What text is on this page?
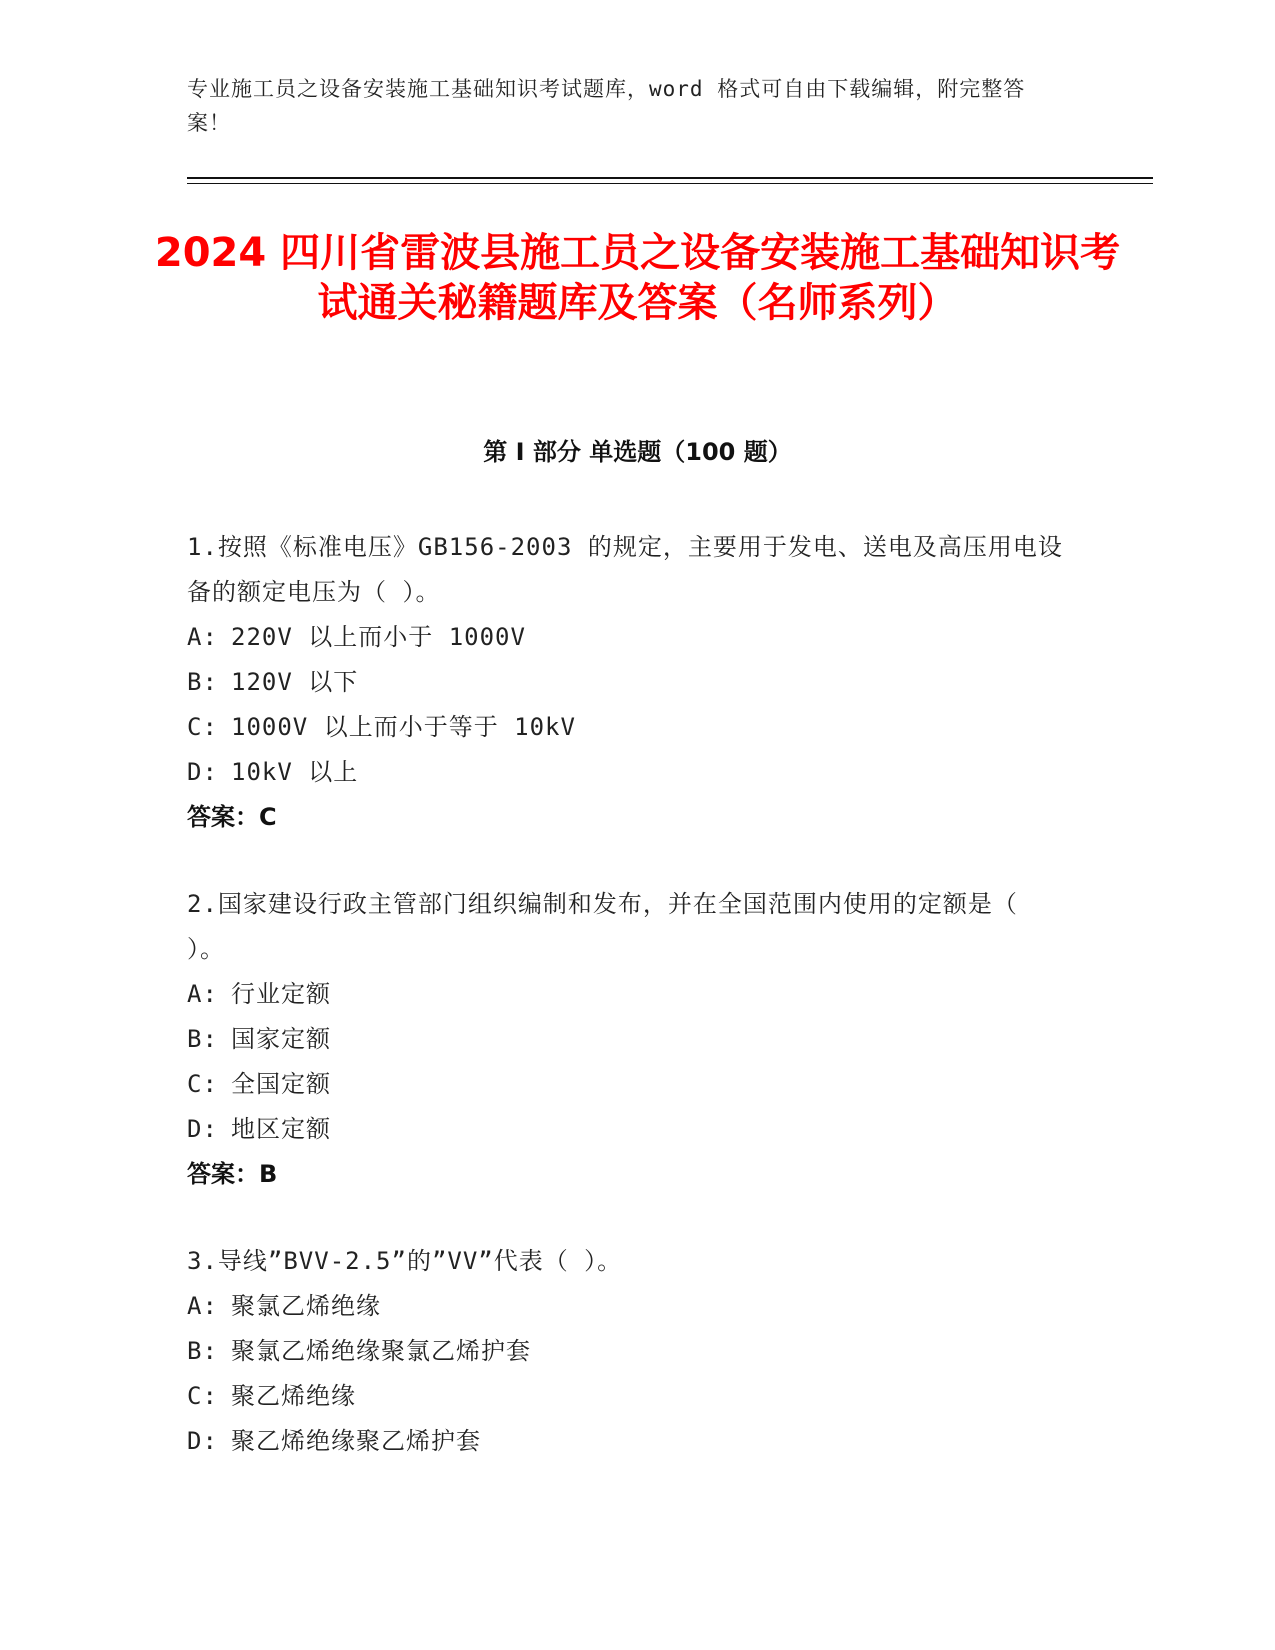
专业施工员之设备安装施工基础知识考试题库，word 格式可自由下载编辑，附完整答案！
2024 四川省雷波县施工员之设备安装施工基础知识考试通关秘籍题库及答案（名师系列）
第 I 部分 单选题（100 题）
1.按照《标准电压》GB156-2003 的规定，主要用于发电、送电及高压用电设备的额定电压为（ ）。
A: 220V 以上而小于 1000V
B: 120V 以下
C: 1000V 以上而小于等于 10kV
D: 10kV 以上
答案：C
2.国家建设行政主管部门组织编制和发布，并在全国范围内使用的定额是（ ）。
A: 行业定额
B: 国家定额
C: 全国定额
D: 地区定额
答案：B
3.导线”BVV-2.5”的”VV”代表（ ）。
A: 聚氯乙烯绝缘
B: 聚氯乙烯绝缘聚氯乙烯护套
C: 聚乙烯绝缘
D: 聚乙烯绝缘聚乙烯护套
